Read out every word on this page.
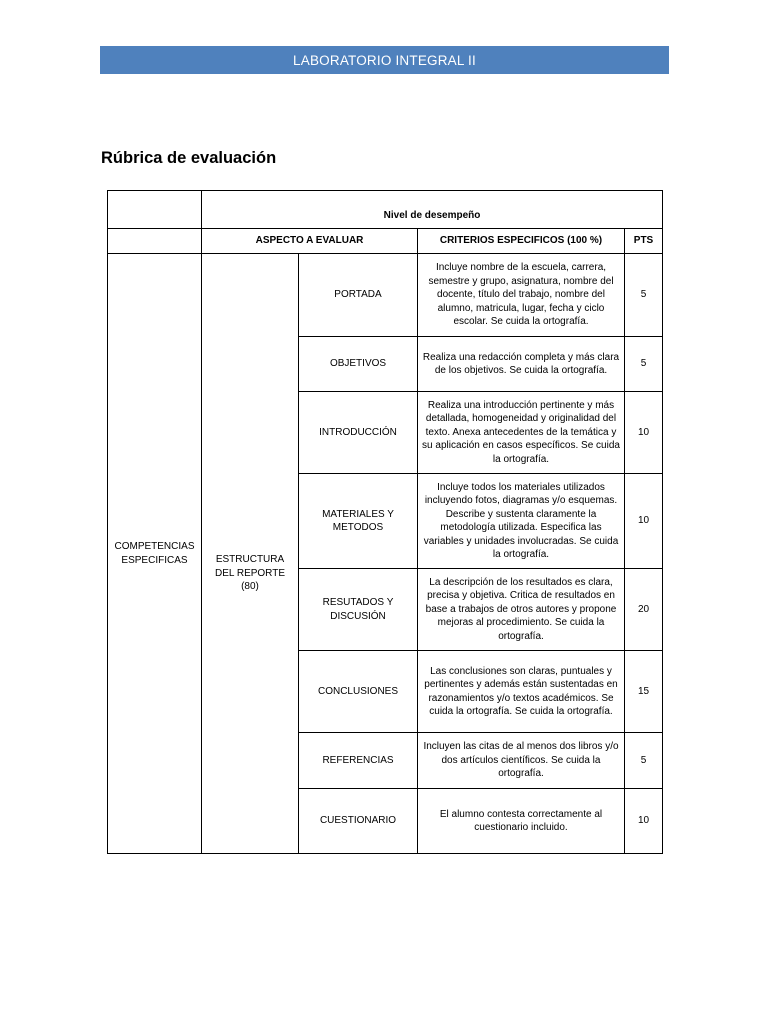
LABORATORIO INTEGRAL II
Rúbrica de evaluación
	Nivel de desempeño			
	ASPECTO A EVALUAR		CRITERIOS ESPECIFICOS (100 %)	PTS
COMPETENCIAS ESPECIFICAS	ESTRUCTURA DEL REPORTE (80)	PORTADA	Incluye nombre de la escuela, carrera, semestre y grupo, asignatura, nombre del docente, título del trabajo, nombre del alumno, matricula, lugar, fecha y ciclo escolar. Se cuida la ortografía.	5
		OBJETIVOS	Realiza una redacción completa y más clara de los objetivos. Se cuida la ortografía.	5
		INTRODUCCIÓN	Realiza una introducción pertinente y más detallada, homogeneidad y originalidad del texto. Anexa antecedentes de la temática y su aplicación en casos específicos. Se cuida la ortografía.	10
		MATERIALES Y METODOS	Incluye todos los materiales utilizados incluyendo fotos, diagramas y/o esquemas. Describe y sustenta claramente la metodología utilizada. Especifica las variables y unidades involucradas. Se cuida la ortografía.	10
		RESUTADOS Y DISCUSIÓN	La descripción de los resultados es clara, precisa y objetiva. Critica de resultados en base a trabajos de otros autores y propone mejoras al procedimiento. Se cuida la ortografía.	20
		CONCLUSIONES	Las conclusiones son claras, puntuales y pertinentes y además están sustentadas en razonamientos y/o textos académicos. Se cuida la ortografía. Se cuida la ortografía.	15
		REFERENCIAS	Incluyen las citas de al menos dos libros y/o dos artículos científicos. Se cuida la ortografía.	5
		CUESTIONARIO	El alumno contesta correctamente al cuestionario incluido.	10
